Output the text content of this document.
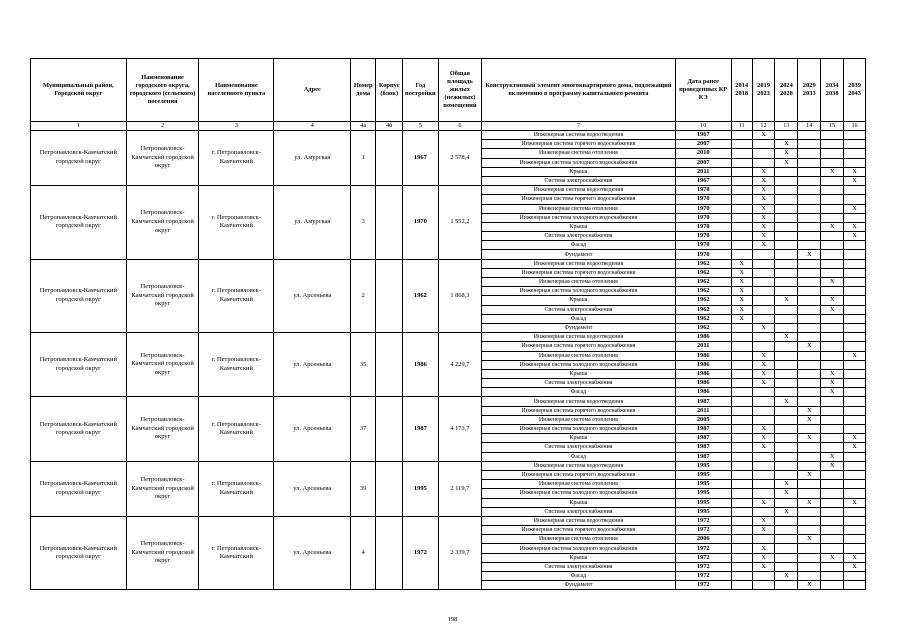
Муниципальный район, Городской округ	Наименование городского округа, городского (сельского) поселения	Наименование населенного пункта	Адрес	Номер дома	Корпус (блок)	Год постройки	Общая площадь жилых (нежилых) помещений	Конструктивный элемент многоквартирного дома, подлежащий включению в программу капитального ремонта	Дата ранее проведенных КР КЭ	2014 2018	2019 2023	2024 2028	2029 2033	2034 2038	2039 2043
1	2	3	4	4а	4б	5	6	7	10	11	12	13	14	15	16
Петропавловск-Камчатский городской округ	Петропавловск-Камчатский городской округ	г. Петропавловск-Камчатский	ул. Амурская	1		1967	2 578,4	Инженерная система водоотведения	1967		X				
								Инженерная система горячего водоснабжения	2007			X			
								Инженерная система отопления	2010			X			
								Инженерная система холодного водоснабжения	2007			X			
								Крыша	2011		X			X	X
								Система электроснабжения	1967		X				X
Петропавловск-Камчатский городской округ	Петропавловск-Камчатский городской округ	г. Петропавловск-Камчатский	ул. Амурская	3		1970	1 552,2	Инженерная система водоотведения	1970		X				
								Инженерная система горячего водоснабжения	1970		X				
								Инженерная система отопления	1970		X				X
								Инженерная система холодного водоснабжения	1970		X				
								Крыша	1970		X			X	X
								Система электроснабжения	1970		X				X
								Фасад	1970		X				
								Фундамент	1970				X		
Петропавловск-Камчатский городской округ	Петропавловск-Камчатский городской округ	г. Петропавловск-Камчатский	ул. Арсеньева	2		1962	1 868,3	Инженерная система водоотведения	1962	X					
								Инженерная система горячего водоснабжения	1962	X					
								Инженерная система отопления	1962	X				X	
								Инженерная система холодного водоснабжения	1962	X					
								Крыша	1962	X		X		X	
								Система электроснабжения	1962	X				X	
								Фасад	1962	X					
								Фундамент	1962		X				
Петропавловск-Камчатский городской округ	Петропавловск-Камчатский городской округ	г. Петропавловск-Камчатский	ул. Арсеньева	35		1986	4 229,7	Инженерная система водоотведения	1986			X			
								Инженерная система горячего водоснабжения	2011				X		
								Инженерная система отопления	1986		X				X
								Инженерная система холодного водоснабжения	1986		X				
								Крыша	1986		X			X	
								Система электроснабжения	1986		X			X	
								Фасад	1986					X	
Петропавловск-Камчатский городской округ	Петропавловск-Камчатский городской округ	г. Петропавловск-Камчатский	ул. Арсеньева	37		1987	4 173,7	Инженерная система водоотведения	1987			X			
								Инженерная система горячего водоснабжения	2011				X		
								Инженерная система отопления	2005				X		
								Инженерная система холодного водоснабжения	1987		X				
								Крыша	1987		X		X		X
								Система электроснабжения	1987		X				X
								Фасад	1987					X	
Петропавловск-Камчатский городской округ	Петропавловск-Камчатский городской округ	г. Петропавловск-Камчатский	ул. Арсеньева	39		1995	2 119,7	Инженерная система водоотведения	1995					X	
								Инженерная система горячего водоснабжения	1995				X		
								Инженерная система отопления	1995			X			
								Инженерная система холодного водоснабжения	1995			X			
								Крыша	1995		X		X		X
								Система электроснабжения	1995			X			
Петропавловск-Камчатский городской округ	Петропавловск-Камчатский городской округ	г. Петропавловск-Камчатский	ул. Арсеньева	4		1972	2 339,7	Инженерная система водоотведения	1972		X				
								Инженерная система горячего водоснабжения	1972		X				
								Инженерная система отопления	2006				X		
								Инженерная система холодного водоснабжения	1972		X				
								Крыша	1972		X			X	X
								Система электроснабжения	1972		X				X
								Фасад	1972			X			
								Фундамент	1972				X		
198
